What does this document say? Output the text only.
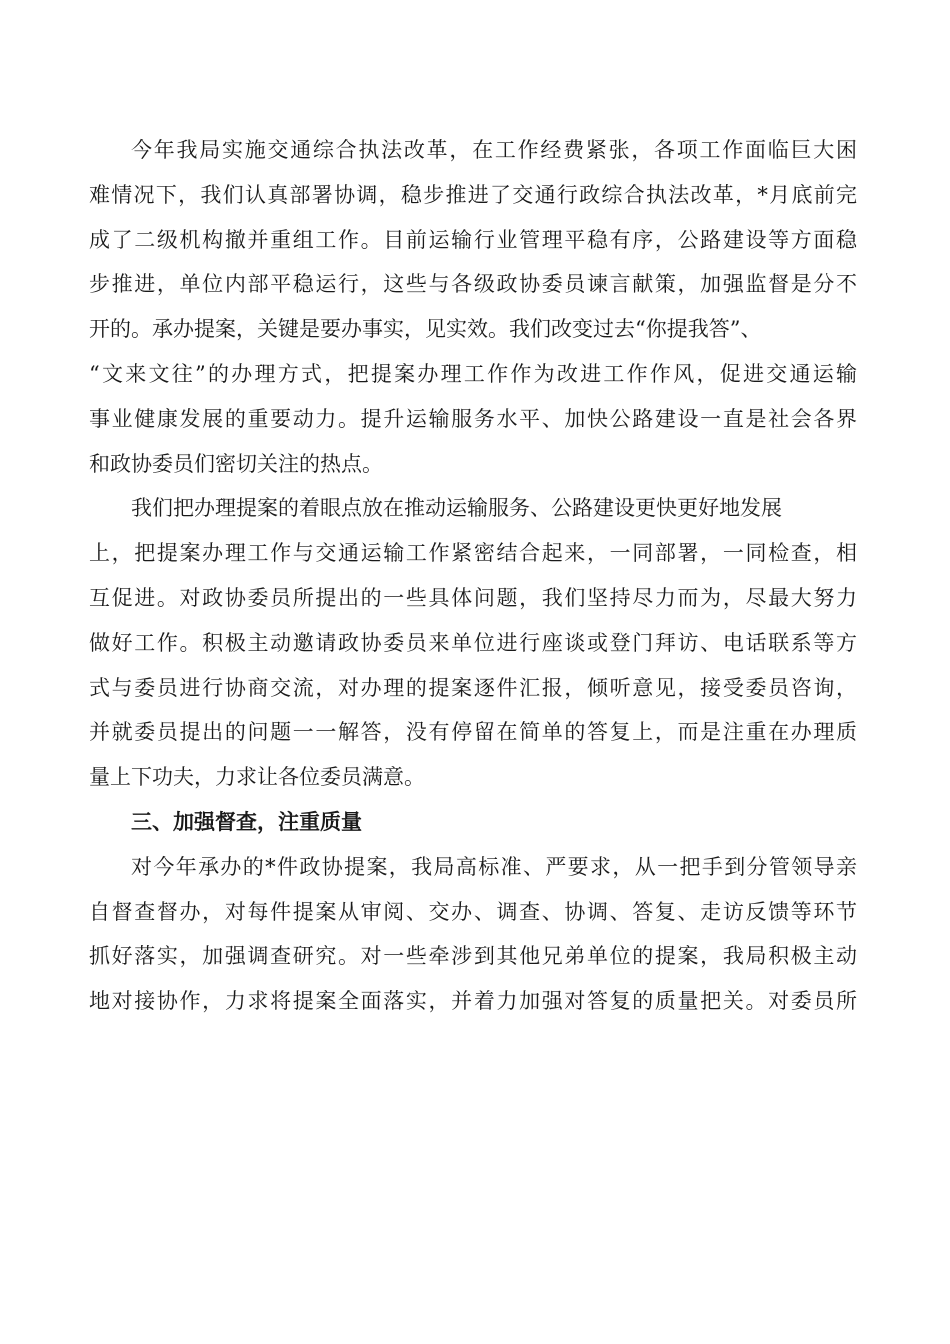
今年我局实施交通综合执法改革，在工作经费紧张，各项工作面临巨大困
难情况下，我们认真部署协调，稳步推进了交通行政综合执法改革，*月底前完
成了二级机构撤并重组工作。目前运输行业管理平稳有序，公路建设等方面稳
步推进，单位内部平稳运行，这些与各级政协委员谏言献策，加强监督是分不
开的。承办提案，关键是要办事实，见实效。我们改变过去“你提我答”、
“文来文往”的办理方式，把提案办理工作作为改进工作作风，促进交通运输
事业健康发展的重要动力。提升运输服务水平、加快公路建设一直是社会各界
和政协委员们密切关注的热点。
我们把办理提案的着眼点放在推动运输服务、公路建设更快更好地发展
上，把提案办理工作与交通运输工作紧密结合起来，一同部署，一同检查，相
互促进。对政协委员所提出的一些具体问题，我们坚持尽力而为，尽最大努力
做好工作。积极主动邀请政协委员来单位进行座谈或登门拜访、电话联系等方
式与委员进行协商交流，对办理的提案逐件汇报，倾听意见，接受委员咨询，
并就委员提出的问题一一解答，没有停留在简单的答复上，而是注重在办理质
量上下功夫，力求让各位委员满意。
三、加强督查，注重质量
对今年承办的*件政协提案，我局高标准、严要求，从一把手到分管领导亲
自督查督办，对每件提案从审阅、交办、调查、协调、答复、走访反馈等环节
抓好落实，加强调查研究。对一些牵涉到其他兄弟单位的提案，我局积极主动
地对接协作，力求将提案全面落实，并着力加强对答复的质量把关。对委员所
